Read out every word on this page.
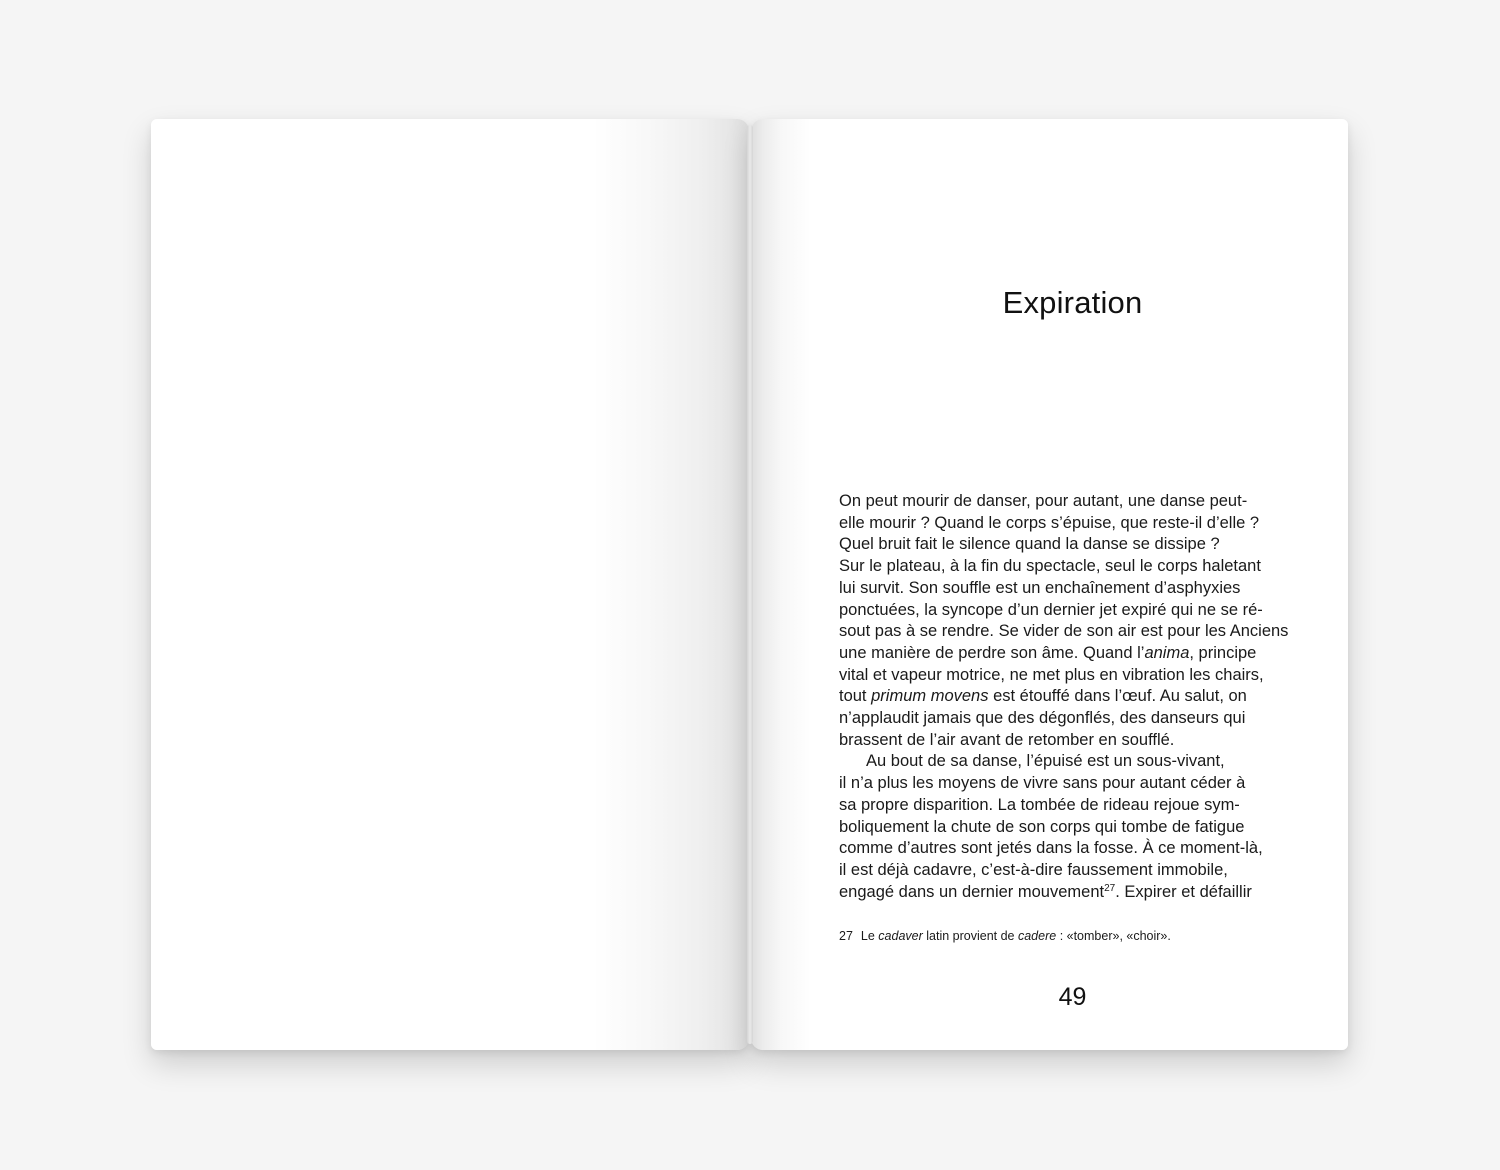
Expiration
On peut mourir de danser, pour autant, une danse peut-
elle mourir ? Quand le corps s’épuise, que reste-il d’elle ?
Quel bruit fait le silence quand la danse se dissipe ?
Sur le plateau, à la fin du spectacle, seul le corps haletant
lui survit. Son souffle est un enchaînement d’asphyxies
ponctuées, la syncope d’un dernier jet expiré qui ne se ré-
sout pas à se rendre. Se vider de son air est pour les Anciens
une manière de perdre son âme. Quand l’anima, principe
vital et vapeur motrice, ne met plus en vibration les chairs,
tout primum movens est étouffé dans l’œuf. Au salut, on
n’applaudit jamais que des dégonflés, des danseurs qui
brassent de l’air avant de retomber en soufflé.
Au bout de sa danse, l’épuisé est un sous-vivant,
il n’a plus les moyens de vivre sans pour autant céder à
sa propre disparition. La tombée de rideau rejoue sym-
boliquement la chute de son corps qui tombe de fatigue
comme d’autres sont jetés dans la fosse. À ce moment-là,
il est déjà cadavre, c’est-à-dire faussement immobile,
engagé dans un dernier mouvement$^{27}$. Expirer et défaillir
27 Le cadaver latin provient de cadere : «tomber», «choir».
49
